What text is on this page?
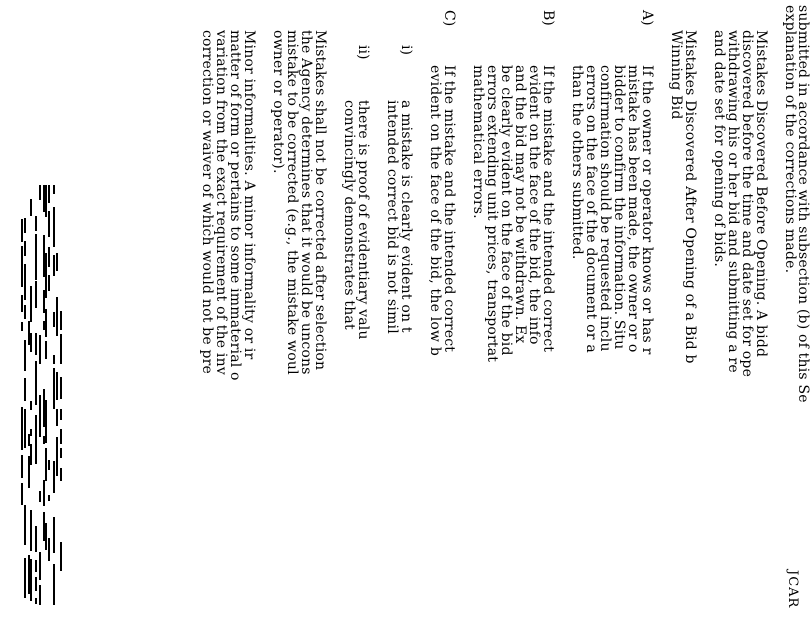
JCAR
submitted in accordance with subsection (b) of this Se
explanation of the corrections made.
Mistakes Discovered Before Opening. A bidd
discovered before the time and date set for ope
withdrawing his or her bid and submitting a re
and date set for opening of bids.
Mistakes Discovered After Opening of a Bid b
Winning Bid
If the owner or operator knows or has r
A)
mistake has been made, the owner or o
bidder to confirm the information. Situ
confirmation should be requested inclu
errors on the face of the document or a
than the others submitted.
If the mistake and the intended correct
B)
evident on the face of the bid, the info
and the bid may not be withdrawn. Ex
be clearly evident on the face of the bid
errors extending unit prices, transportat
mathematical errors.
If the mistake and the intended correct
C)
evident on the face of the bid, the low b
a mistake is clearly evident on t
i)
intended correct bid is not simil
there is proof of evidentiary valu
ii)
convincingly demonstrates that
Mistakes shall not be corrected after selection
the Agency determines that it would be uncons
mistake to be corrected (e.g., the mistake woul
owner or operator).
Minor informalities. A minor informality or ir
matter of form or pertains to some immaterial o
variation from the exact requirement of the inv
correction or waiver of which would not be pre
